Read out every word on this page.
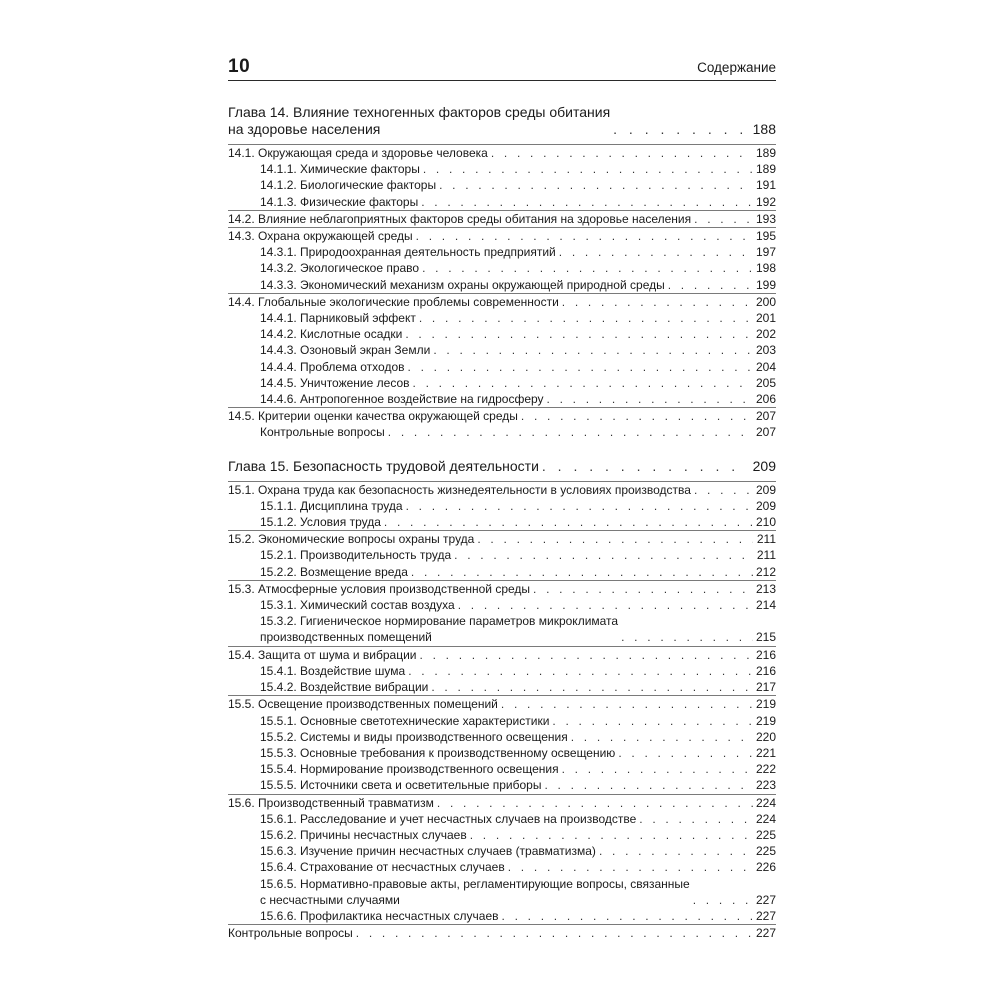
10	Содержание
Глава 14. Влияние техногенных факторов среды обитания
на здоровье населения . . .	188
14.1. Окружающая среда и здоровье человека . . .	189
14.1.1. Химические факторы . . .	189
14.1.2. Биологические факторы . . .	191
14.1.3. Физические факторы . . .	192
14.2. Влияние неблагоприятных факторов среды обитания на здоровье населения . . .	193
14.3. Охрана окружающей среды . . .	195
14.3.1. Природоохранная деятельность предприятий . . .	197
14.3.2. Экологическое право . . .	198
14.3.3. Экономический механизм охраны окружающей природной среды . . .	199
14.4. Глобальные экологические проблемы современности . . .	200
14.4.1. Парниковый эффект . . .	201
14.4.2. Кислотные осадки . . .	202
14.4.3. Озоновый экран Земли . . .	203
14.4.4. Проблема отходов . . .	204
14.4.5. Уничтожение лесов . . .	205
14.4.6. Антропогенное воздействие на гидросферу . . .	206
14.5. Критерии оценки качества окружающей среды . . .	207
Контрольные вопросы . . .	207
Глава 15. Безопасность трудовой деятельности . . .	209
15.1. Охрана труда как безопасность жизнедеятельности в условиях производства . . .	209
15.1.1. Дисциплина труда . . .	209
15.1.2. Условия труда . . .	210
15.2. Экономические вопросы охраны труда . . .	211
15.2.1. Производительность труда . . .	211
15.2.2. Возмещение вреда . . .	212
15.3. Атмосферные условия производственной среды . . .	213
15.3.1. Химический состав воздуха . . .	214
15.3.2. Гигиеническое нормирование параметров микроклимата
производственных помещений . . .	215
15.4. Защита от шума и вибрации . . .	216
15.4.1. Воздействие шума . . .	216
15.4.2. Воздействие вибрации . . .	217
15.5. Освещение производственных помещений . . .	219
15.5.1. Основные светотехнические характеристики . . .	219
15.5.2. Системы и виды производственного освещения . . .	220
15.5.3. Основные требования к производственному освещению . . .	221
15.5.4. Нормирование производственного освещения . . .	222
15.5.5. Источники света и осветительные приборы . . .	223
15.6. Производственный травматизм . . .	224
15.6.1. Расследование и учет несчастных случаев на производстве . . .	224
15.6.2. Причины несчастных случаев . . .	225
15.6.3. Изучение причин несчастных случаев (травматизма) . . .	225
15.6.4. Страхование от несчастных случаев . . .	226
15.6.5. Нормативно-правовые акты, регламентирующие вопросы, связанные
с несчастными случаями . . .	227
15.6.6. Профилактика несчастных случаев . . .	227
Контрольные вопросы . . .	227
